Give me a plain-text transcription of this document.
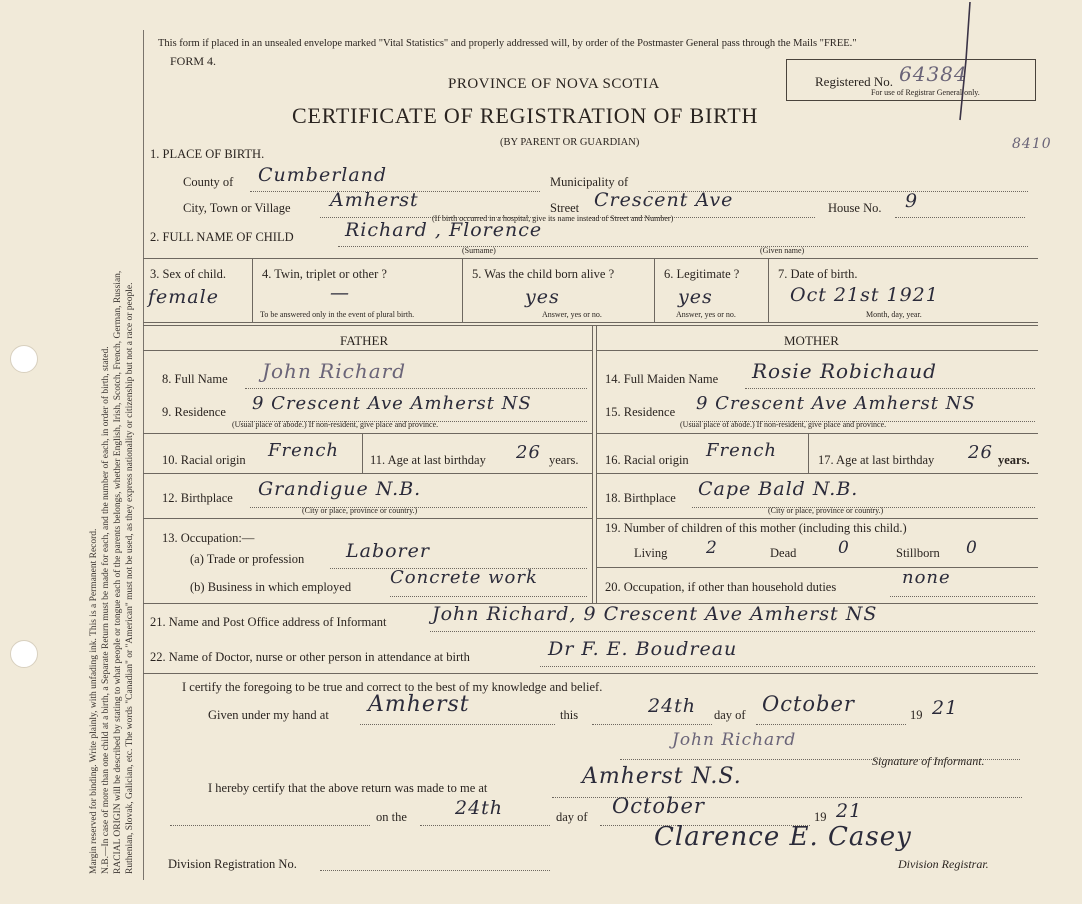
Margin reserved for binding. Write plainly, with unfading ink. This is a Permanent Record. N.B.—In case of more than one child at a birth, a Separate Return must be made for each, and the number of each, in order of birth, stated. RACIAL ORIGIN will be described by stating to what people or tongue each of the parents belongs, whether English, Irish, Scotch, French, German, Russian, Ruthenian, Slovak, Galician, etc. The words "Canadian" or "American" must not be used, as they express nationality or citizenship but not a race or people.
This form if placed in an unsealed envelope marked "Vital Statistics" and properly addressed will, by order of the Postmaster General pass through the Mails "FREE."
FORM 4.
PROVINCE OF NOVA SCOTIA
CERTIFICATE OF REGISTRATION OF BIRTH
(BY PARENT OR GUARDIAN)
Registered No. 64384
For use of Registrar General only.
8410
1. PLACE OF BIRTH.
County of Cumberland	Municipality of
City, Town or Village Amherst	Street Crescent Ave	House No. 9
(If birth occurred in a hospital, give its name instead of Street and Number)
2. FULL NAME OF CHILD	Richard , Florence
(Surname)	(Given name)
3. Sex of child.
female
4. Twin, triplet or other ?
—
To be answered only in the event of plural birth.
5. Was the child born alive ?
yes
Answer, yes or no.
6. Legitimate ?
yes
Answer, yes or no.
7. Date of birth.
Oct 21st 1921
Month, day, year.
FATHER	MOTHER
8. Full Name John Richard
9. Residence 9 Crescent Ave Amherst NS
(Usual place of abode.) If non-resident, give place and province.
10. Racial origin French 11. Age at last birthday 26 years.
12. Birthplace Grandigue N.B.
(City or place, province or country.)
13. Occupation:—
(a) Trade or profession Laborer
(b) Business in which employed Concrete work
14. Full Maiden Name Rosie Robichaud
15. Residence 9 Crescent Ave Amherst NS
(Usual place of abode.) If non-resident, give place and province.
16. Racial origin French	17. Age at last birthday 26 years.
18. Birthplace Cape Bald N.B.
(City or place, province or country.)
19. Number of children of this mother (including this child.)
Living 2	Dead 0	Stillborn 0
20. Occupation, if other than household duties	none
21. Name and Post Office address of Informant John Richard, 9 Crescent Ave Amherst NS
22. Name of Doctor, nurse or other person in attendance at birth	Dr F. E. Boudreau
I certify the foregoing to be true and correct to the best of my knowledge and belief.
Given under my hand at Amherst	this	24th day of October	19 21
John Richard
Signature of Informant.
I hereby certify that the above return was made to me at	Amherst N.S.
on the	24th	day of October	19 21
Clarence E. Casey
Division Registration No.	Division Registrar.
